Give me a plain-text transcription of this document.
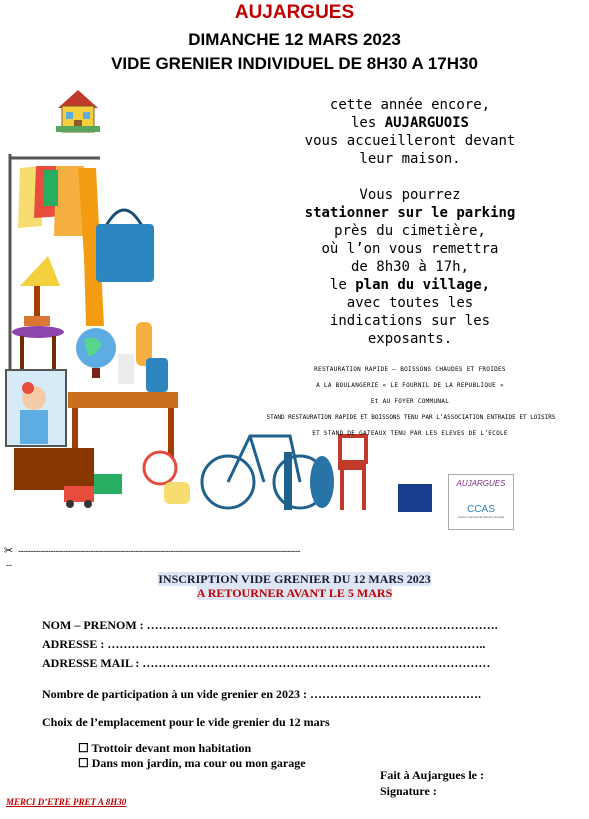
AUJARGUES
DIMANCHE 12 MARS 2023
VIDE GRENIER INDIVIDUEL DE 8H30 A 17H30
AUJARGUES
CCAS
Centre Communal d'Action Sociale
cette année encore,
les AUJARGUOIS
vous accueilleront devant
leur maison.
Vous pourrez
stationner sur le parking
près du cimetière,
où l’on vous remettra
de 8h30 à 17h,
le plan du village,
avec toutes les
indications sur les
exposants.
RESTAURATION RAPIDE – BOISSONS CHAUDES ET FROIDES
A LA BOULANGERIE « LE FOURNIL DE LA REPUBLIQUE »
Et AU FOYER COMMUNAL
STAND RESTAURATION RAPIDE ET BOISSONS TENU PAR L’ASSOCIATION ENTRAIDE ET LOISIRS
ET STAND DE GATEAUX TENU PAR LES ELEVES DE L’ECOLE
✂ -----------------------------------------------------------------------------------------------------------------
--
INSCRIPTION VIDE GRENIER DU 12 MARS 2023
A RETOURNER AVANT LE 5 MARS
NOM – PRENOM : …………………………………………………………………………….
ADRESSE : …………………………………………………………………………………..
ADRESSE MAIL : ……………………………………………………………………………
Nombre de participation à un vide grenier en 2023 : …………………………………….
Choix de l’emplacement pour le vide grenier du 12 mars
☐ Trottoir devant mon habitation
☐ Dans mon jardin, ma cour ou mon garage
Fait à Aujargues le :
Signature :
MERCI D’ETRE PRET A 8H30
